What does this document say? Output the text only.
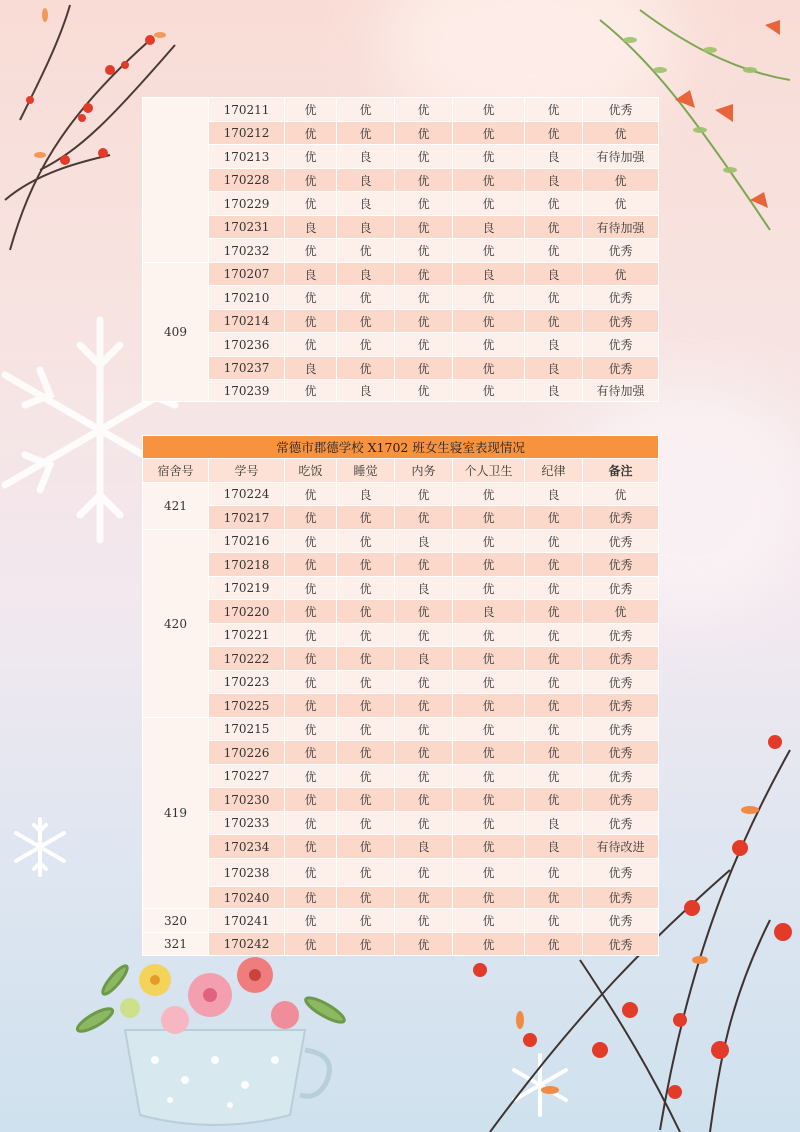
	170211	优	优	优	优	优	优秀
	170212	优	优	优	优	优	优
	170213	优	良	优	优	良	有待加强
	170228	优	良	优	优	良	优
	170229	优	良	优	优	优	优
	170231	良	良	优	良	优	有待加强
	170232	优	优	优	优	优	优秀
409	170207	良	良	优	良	良	优
	170210	优	优	优	优	优	优秀
	170214	优	优	优	优	优	优秀
	170236	优	优	优	优	良	优秀
	170237	良	优	优	优	良	优秀
	170239	优	良	优	优	良	有待加强
常德市郡德学校 X1702 班女生寝室表现情况							
宿舍号	学号	吃饭	睡觉	内务	个人卫生	纪律	备注
421	170224	优	良	优	优	良	优
	170217	优	优	优	优	优	优秀
420	170216	优	优	良	优	优	优秀
	170218	优	优	优	优	优	优秀
	170219	优	优	良	优	优	优秀
	170220	优	优	优	良	优	优
	170221	优	优	优	优	优	优秀
	170222	优	优	良	优	优	优秀
	170223	优	优	优	优	优	优秀
	170225	优	优	优	优	优	优秀
419	170215	优	优	优	优	优	优秀
	170226	优	优	优	优	优	优秀
	170227	优	优	优	优	优	优秀
	170230	优	优	优	优	优	优秀
	170233	优	优	优	优	良	优秀
	170234	优	优	良	优	良	有待改进
	170238	优	优	优	优	优	优秀
	170240	优	优	优	优	优	优秀
320	170241	优	优	优	优	优	优秀
321	170242	优	优	优	优	优	优秀
